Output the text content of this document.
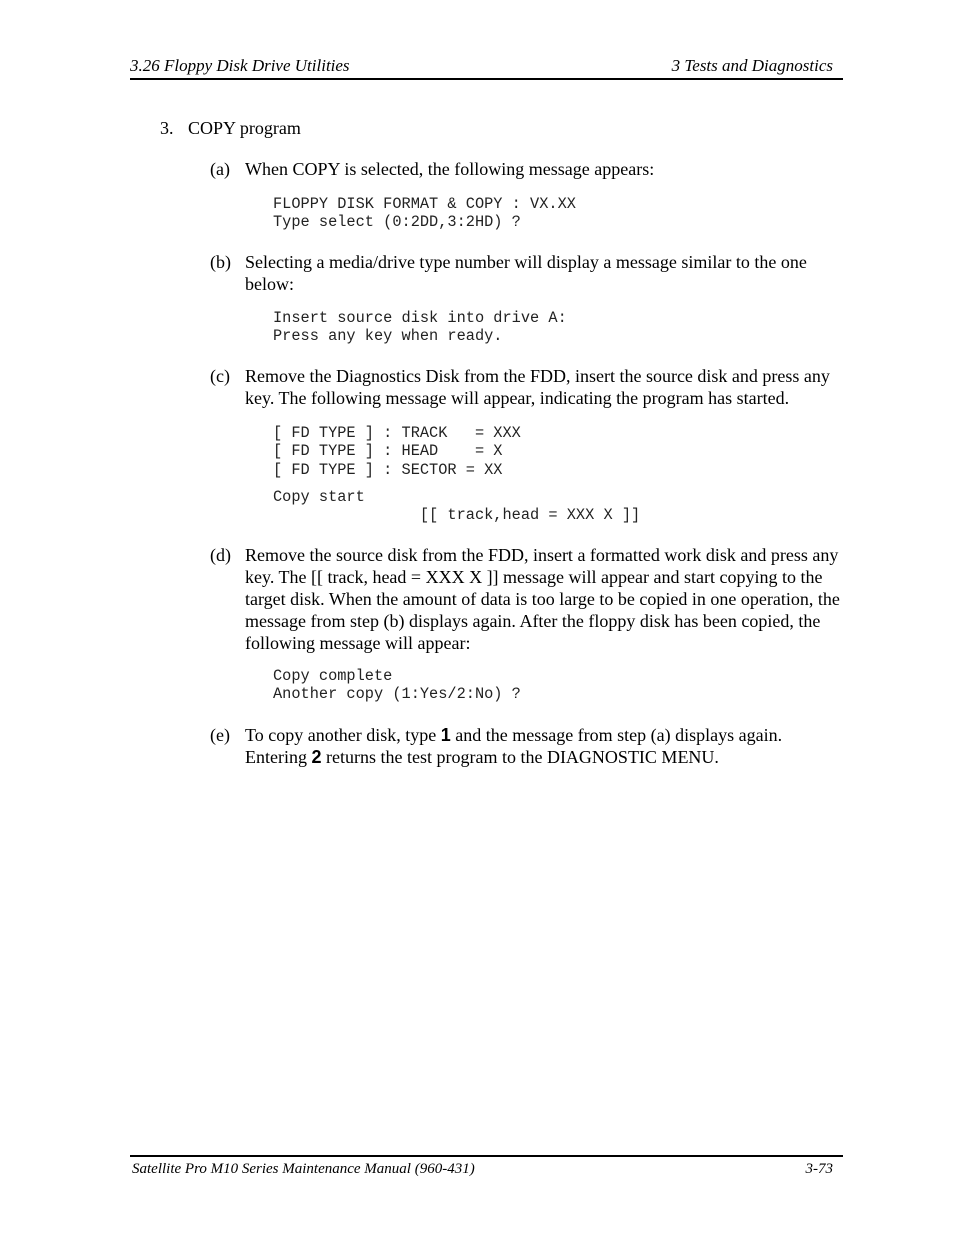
3.26 Floppy Disk Drive Utilities	3 Tests and Diagnostics
3. COPY program
(a) When COPY is selected, the following message appears:
FLOPPY DISK FORMAT & COPY : VX.XX
Type select (0:2DD,3:2HD) ?
(b) Selecting a media/drive type number will display a message similar to the one below:
Insert source disk into drive A:
Press any key when ready.
(c) Remove the Diagnostics Disk from the FDD, insert the source disk and press any key. The following message will appear, indicating the program has started.
[ FD TYPE ] : TRACK   = XXX
[ FD TYPE ] : HEAD    = X
[ FD TYPE ] : SECTOR = XX
Copy start
[[ track,head = XXX X ]]
(d) Remove the source disk from the FDD, insert a formatted work disk and press any key. The [[ track, head = XXX X ]] message will appear and start copying to the target disk. When the amount of data is too large to be copied in one operation, the message from step (b) displays again. After the floppy disk has been copied, the following message will appear:
Copy complete
Another copy (1:Yes/2:No) ?
(e) To copy another disk, type 1 and the message from step (a) displays again.
Entering 2 returns the test program to the DIAGNOSTIC MENU.
Satellite Pro M10 Series Maintenance Manual (960-431)	3-73
